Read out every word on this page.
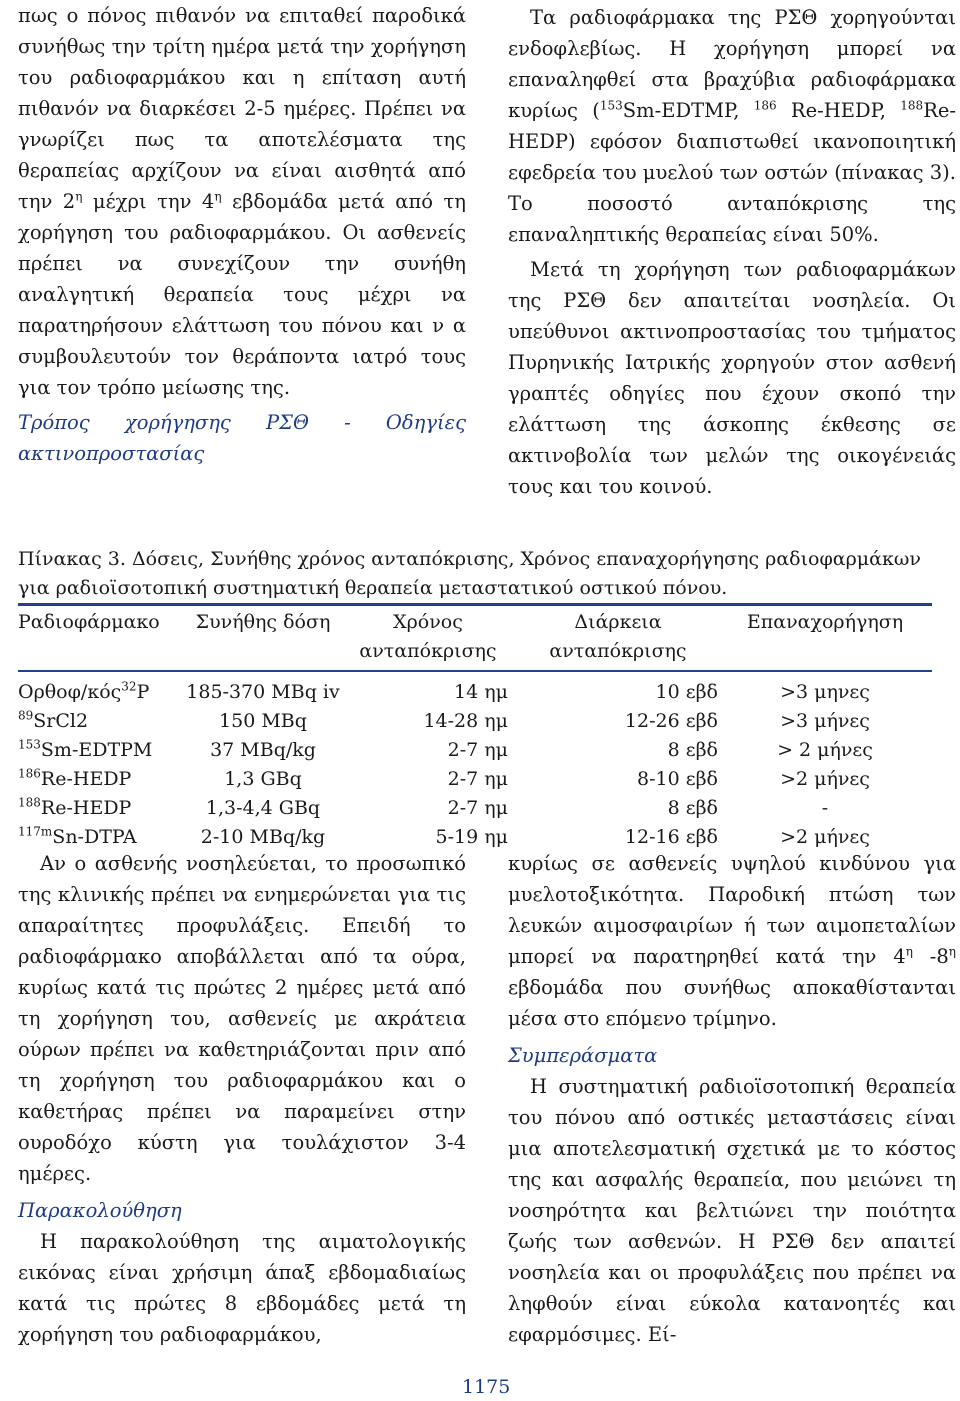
πως ο πόνος πιθανόν να επιταθεί παροδικά συνήθως την τρίτη ημέρα μετά την χορήγηση του ραδιοφαρμάκου και η επίταση αυτή πιθανόν να διαρκέσει 2-5 ημέρες. Πρέπει να γνωρίζει πως τα αποτελέσματα της θεραπείας αρχίζουν να είναι αισθητά από την $2^\eta$ μέχρι την $4^\eta$ εβδομάδα μετά από τη χορήγηση του ραδιοφαρμάκου. Οι ασθενείς πρέπει να συνεχίζουν την συνήθη αναλγητική θεραπεία τους μέχρι να παρατηρήσουν ελάττωση του πόνου και ν α συμβουλευτούν τον θεράποντα ιατρό τους για τον τρόπο μείωσης της.

Τρόπος χορήγησης ΡΣΘ - Οδηγίες ακτινοπροστασίας

Τα ραδιοφάρμακα της ΡΣΘ χορηγούνται ενδοφλεβίως. Η χορήγηση μπορεί να επαναληφθεί στα βραχύβια ραδιοφάρμακα κυρίως ($^{153}$Sm-EDTMP, $^{186}$ Re-HEDP, $^{188}$Re-HEDP) εφόσον διαπιστωθεί ικανοποιητική εφεδρεία του μυελού των οστών (πίνακας 3). Το ποσοστό ανταπόκρισης της επαναληπτικής θεραπείας είναι 50%.

Μετά τη χορήγηση των ραδιοφαρμάκων της ΡΣΘ δεν απαιτείται νοσηλεία. Οι υπεύθυνοι ακτινοπροστασίας του τμήματος Πυρηνικής Ιατρικής χορηγούν στον ασθενή γραπτές οδηγίες που έχουν σκοπό την ελάττωση της άσκοπης έκθεσης σε ακτινοβολία των μελών της οικογένειάς τους και του κοινού.

Πίνακας 3. Δόσεις, Συνήθης χρόνος ανταπόκρισης, Χρόνος επαναχορήγησης ραδιοφαρμάκων

για ραδιοϊσοτοπική συστηματική θεραπεία μεταστατικού οστικού πόνου.

Ραδιοφάρμακο	Συνήθης δόση	Χρόνος ανταπόκρισης	Διάρκεια ανταπόκρισης	Επαναχορήγηση

Ορθοφ/κός$^{32}$P	185-370 MBq iv	14 ημ	10 εβδ	>3 μηνες
$^{89}$SrCl2	150 MBq	14-28 ημ	12-26 εβδ	>3 μήνες
$^{153}$Sm-EDTPM	37 MBq/kg	2-7 ημ	8 εβδ	> 2 μήνες
$^{186}$Re-HEDP	1,3 GBq	2-7 ημ	8-10 εβδ	>2 μήνες
$^{188}$Re-HEDP	1,3-4,4 GBq	2-7 ημ	8 εβδ	-
$^{117m}$Sn-DTPA	2-10 MBq/kg	5-19 ημ	12-16 εβδ	>2 μήνες

Αν ο ασθενής νοσηλεύεται, το προσωπικό της κλινικής πρέπει να ενημερώνεται για τις απαραίτητες προφυλάξεις. Επειδή το ραδιοφάρμακο αποβάλλεται από τα ούρα, κυρίως κατά τις πρώτες 2 ημέρες μετά από τη χορήγηση του, ασθενείς με ακράτεια ούρων πρέπει να καθετηριάζονται πριν από τη χορήγηση του ραδιοφαρμάκου και ο καθετήρας πρέπει να παραμείνει στην ουροδόχο κύστη για τουλάχιστον 3-4 ημέρες.

Παρακολούθηση

Η παρακολούθηση της αιματολογικής εικόνας είναι χρήσιμη άπαξ εβδομαδιαίως κατά τις πρώτες 8 εβδομάδες μετά τη χορήγηση του ραδιοφαρμάκου,

κυρίως σε ασθενείς υψηλού κινδύνου για μυελοτοξικότητα. Παροδική πτώση των λευκών αιμοσφαιρίων ή των αιμοπεταλίων μπορεί να παρατηρηθεί κατά την $4^\eta$ $-8^\eta$ εβδομάδα που συνήθως αποκαθίστανται μέσα στο επόμενο τρίμηνο.

Συμπεράσματα

Η συστηματική ραδιοϊσοτοπική θεραπεία του πόνου από οστικές μεταστάσεις είναι μια αποτελεσματική σχετικά με το κόστος της και ασφαλής θεραπεία, που μειώνει τη νοσηρότητα και βελτιώνει την ποιότητα ζωής των ασθενών. Η ΡΣΘ δεν απαιτεί νοσηλεία και οι προφυλάξεις που πρέπει να ληφθούν είναι εύκολα κατανοητές και εφαρμόσιμες. Εί-

1175
